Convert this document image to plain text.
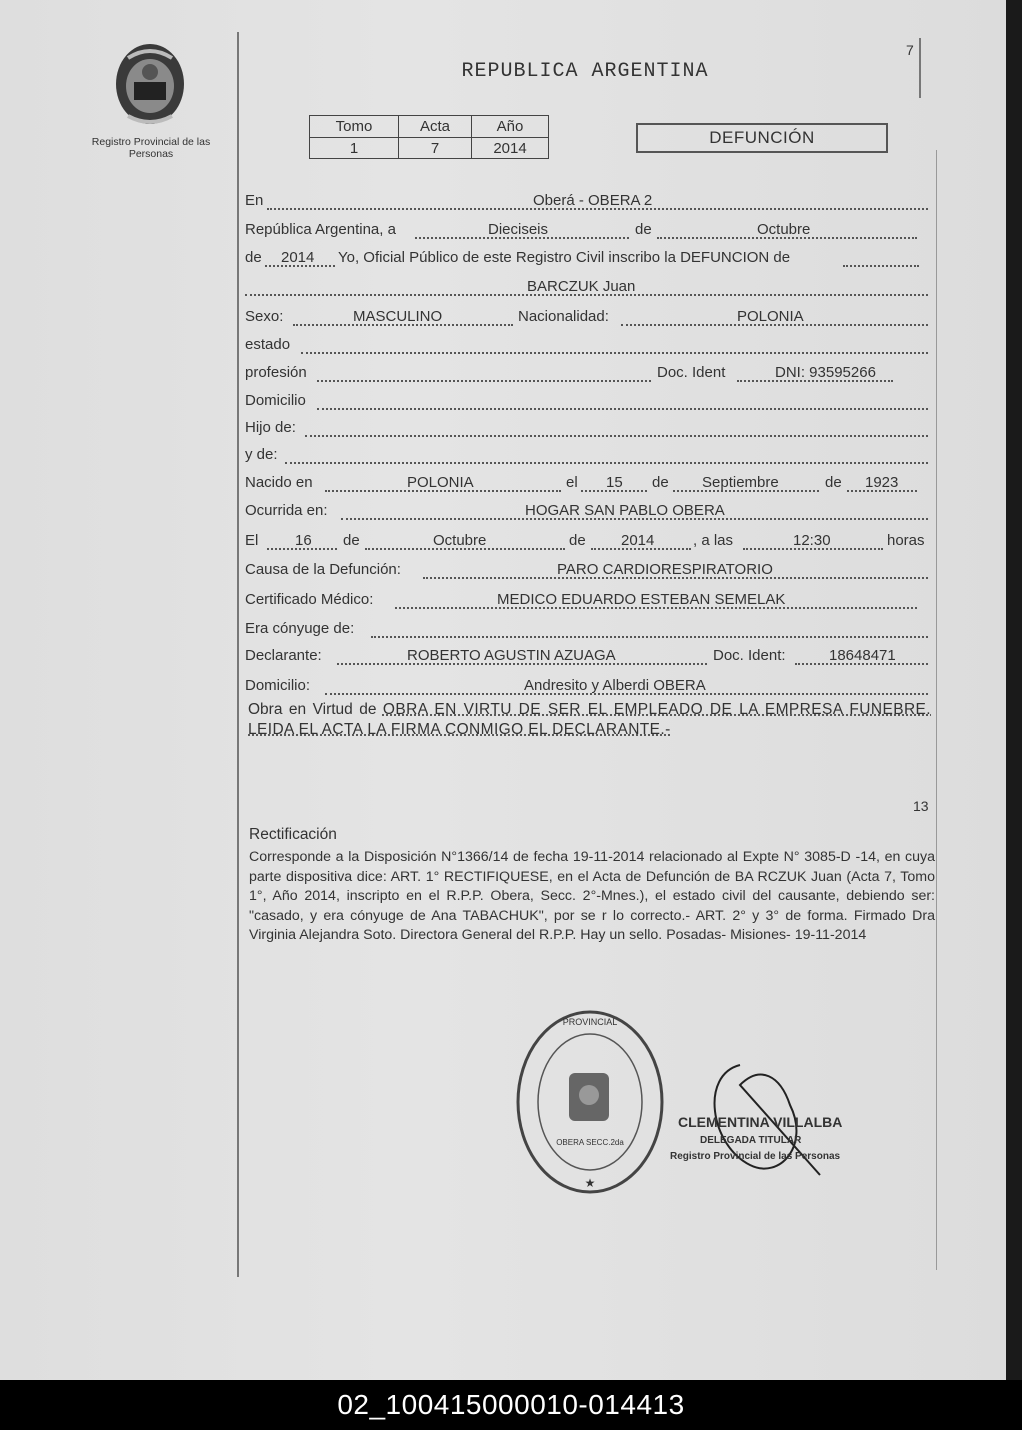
Registro Provincial de las Personas
7
REPUBLICA ARGENTINA
Tomo	Acta	Año
1	7	2014
DEFUNCIÓN
En	Oberá - OBERA 2
República Argentina, a	Dieciseis	de	Octubre
de 2014 Yo, Oficial Público de este Registro Civil inscribo la DEFUNCION de
BARCZUK Juan
Sexo:	MASCULINO	Nacionalidad:	POLONIA
estado
profesión	Doc. Ident	DNI: 93595266
Domicilio
Hijo de:
y de:
Nacido en	POLONIA	el 15 de Septiembre	de 1923
Ocurrida en:	HOGAR SAN PABLO OBERA
El 16 de	Octubre	de 2014	, a las	12:30	horas
Causa de la Defunción:	PARO CARDIORESPIRATORIO
Certificado Médico:	MEDICO EDUARDO ESTEBAN SEMELAK
Era cónyuge de:
Declarante:	ROBERTO AGUSTIN AZUAGA	Doc. Ident:	18648471
Domicilio:	Andresito y Alberdi OBERA
Obra en Virtud de OBRA EN VIRTU DE SER EL EMPLEADO DE LA EMPRESA FUNEBRE. LEIDA EL ACTA LA FIRMA CONMIGO EL DECLARANTE.-
13
Rectificación
Corresponde a la Disposición N°1366/14 de fecha 19-11-2014 relacionado al Expte N° 3085-D -14, en cuya parte dispositiva dice: ART. 1° RECTIFIQUESE, en el Acta de Defunción de BA RCZUK Juan (Acta 7, Tomo 1°, Año 2014, inscripto en el R.P.P. Obera, Secc. 2°-Mnes.), el estado civil del causante, debiendo ser: "casado, y era cónyuge de Ana TABACHUK", por se r lo correcto.- ART. 2° y 3° de forma. Firmado Dra Virginia Alejandra Soto. Directora General del R.P.P. Hay un sello. Posadas- Misiones- 19-11-2014
PROVINCIAL
OBERA SECC.2da
★
CLEMENTINA VILLALBA
DELEGADA TITULAR
Registro Provincial de las Personas
02_100415000010-014413
